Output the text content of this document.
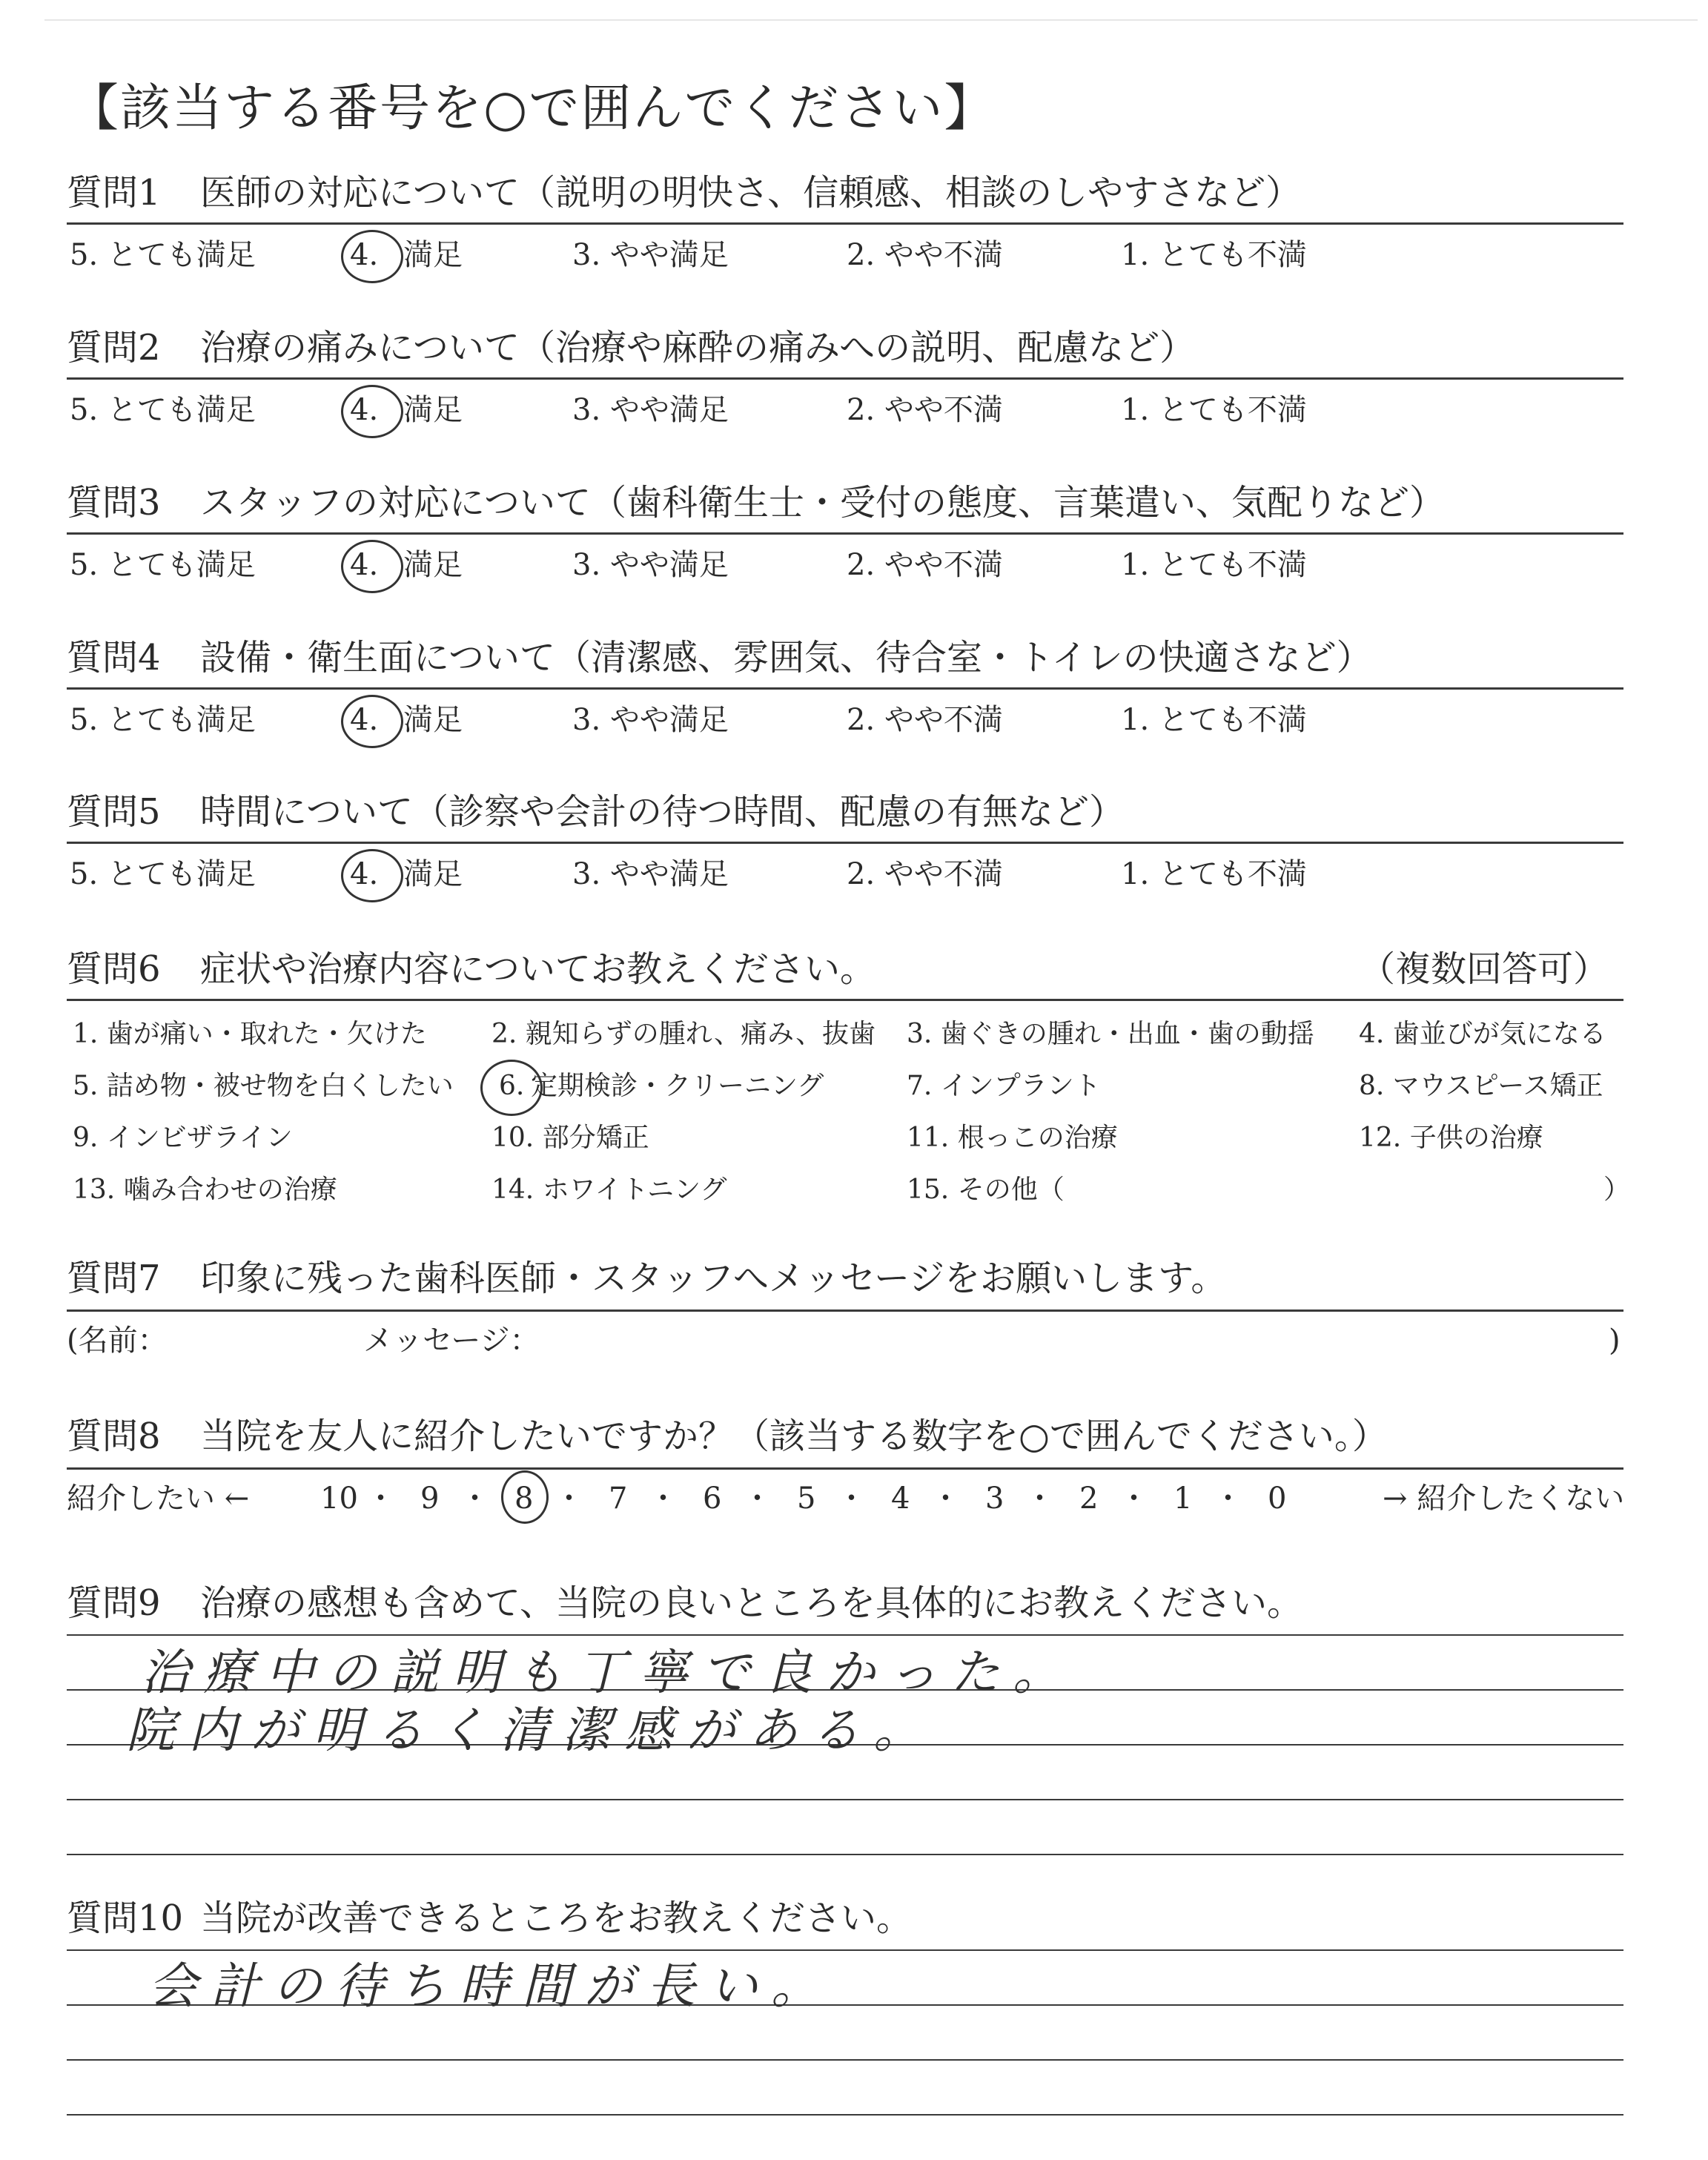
【該当する番号を○で囲んでください】
質問1 医師の対応について（説明の明快さ、信頼感、相談のしやすさなど）
5. とても満足	4. 満足	3. やや満足	2. やや不満	1. とても不満
質問2 治療の痛みについて（治療や麻酔の痛みへの説明、配慮など）
5. とても満足	4. 満足	3. やや満足	2. やや不満	1. とても不満
質問3 スタッフの対応について（歯科衛生士・受付の態度、言葉遣い、気配りなど）
5. とても満足	4. 満足	3. やや満足	2. やや不満	1. とても不満
質問4 設備・衛生面について（清潔感、雰囲気、待合室・トイレの快適さなど）
5. とても満足	4. 満足	3. やや満足	2. やや不満	1. とても不満
質問5 時間について（診察や会計の待つ時間、配慮の有無など）
5. とても満足	4. 満足	3. やや満足	2. やや不満	1. とても不満
質問6 症状や治療内容についてお教えください。	（複数回答可）
1. 歯が痛い・取れた・欠けた 2. 親知らずの腫れ、痛み、抜歯 3. 歯ぐきの腫れ・出血・歯の動揺 4. 歯並びが気になる
5. 詰め物・被せ物を白くしたい 6. 定期検診・クリーニング	7. インプラント	8. マウスピース矯正
9. インビザライン	10. 部分矯正	11. 根っこの治療	12. 子供の治療
13. 噛み合わせの治療	14. ホワイトニング	15. その他（	）
質問7 印象に残った歯科医師・スタッフへメッセージをお願いします。
(名前：	メッセージ：	)
質問8 当院を友人に紹介したいですか？（該当する数字を○で囲んでください。）
紹介したい ←	→ 紹介したくない
10 ・ 9 ・ 8 ・ 7 ・ 6 ・ 5 ・ 4 ・ 3 ・ 2 ・ 1 ・ 0
質問9 治療の感想も含めて、当院の良いところを具体的にお教えください。
治療中の説明も丁寧で良かった。
院内が明るく清潔感がある。
質問10 当院が改善できるところをお教えください。
会計の待ち時間が長い。
